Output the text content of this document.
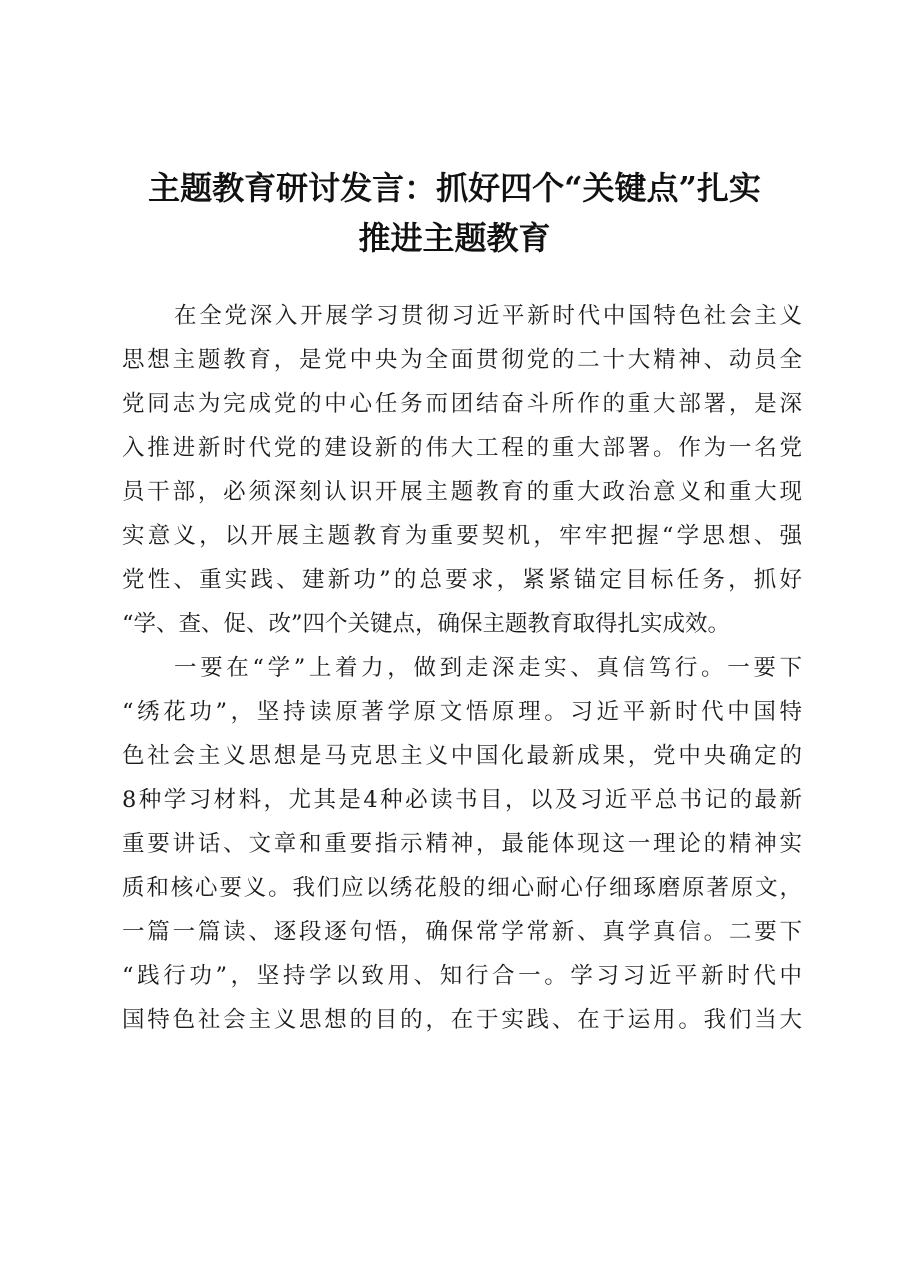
主题教育研讨发言：抓好四个“关键点”扎实
推进主题教育
在全党深入开展学习贯彻习近平新时代中国特色社会主义
思想主题教育，是党中央为全面贯彻党的二十大精神、动员全
党同志为完成党的中心任务而团结奋斗所作的重大部署，是深
入推进新时代党的建设新的伟大工程的重大部署。作为一名党
员干部，必须深刻认识开展主题教育的重大政治意义和重大现
实意义，以开展主题教育为重要契机，牢牢把握“学思想、强
党性、重实践、建新功”的总要求，紧紧锚定目标任务，抓好
“学、查、促、改”四个关键点，确保主题教育取得扎实成效。
一要在“学”上着力，做到走深走实、真信笃行。一要下
“绣花功”，坚持读原著学原文悟原理。习近平新时代中国特
色社会主义思想是马克思主义中国化最新成果，党中央确定的
8种学习材料，尤其是4种必读书目，以及习近平总书记的最新
重要讲话、文章和重要指示精神，最能体现这一理论的精神实
质和核心要义。我们应以绣花般的细心耐心仔细琢磨原著原文，
一篇一篇读、逐段逐句悟，确保常学常新、真学真信。二要下
“践行功”，坚持学以致用、知行合一。学习习近平新时代中
国特色社会主义思想的目的，在于实践、在于运用。我们当大
